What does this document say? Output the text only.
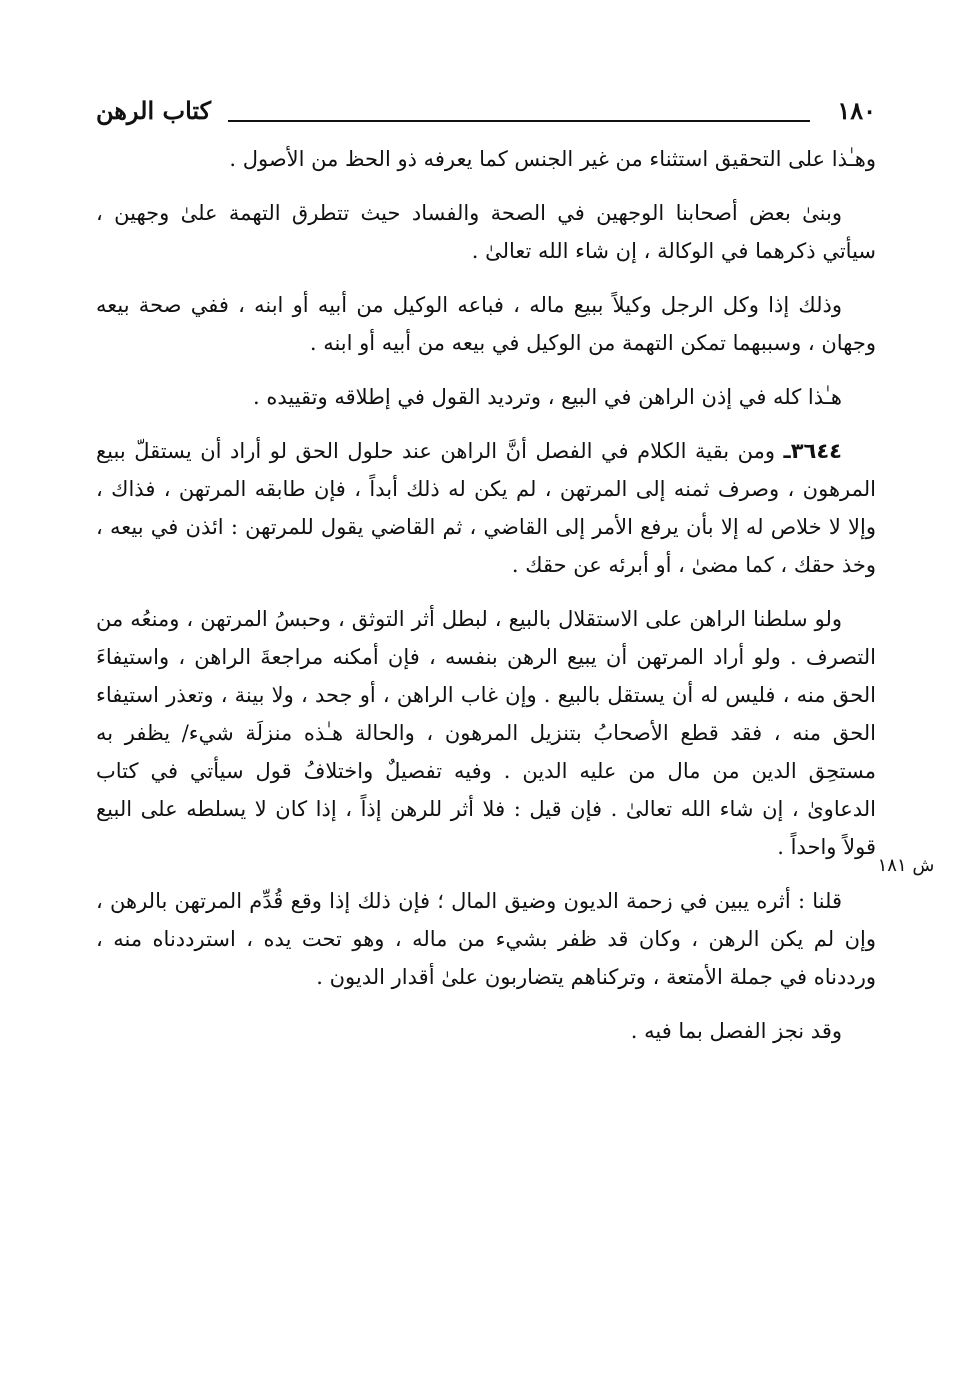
١٨٠
كتاب الرهن
ش ١٨١

وهـٰذا على التحقيق استثناء من غير الجنس كما يعرفه ذو الحظ من الأصول .

وبنىٰ بعض أصحابنا الوجهين في الصحة والفساد حيث تتطرق التهمة علىٰ وجهين ، سيأتي ذكرهما في الوكالة ، إن شاء الله تعالىٰ .

وذلك إذا وكل الرجل وكيلاً ببيع ماله ، فباعه الوكيل من أبيه أو ابنه ، ففي صحة بيعه وجهان ، وسببهما تمكن التهمة من الوكيل في بيعه من أبيه أو ابنه .

هـٰذا كله في إذن الراهن في البيع ، وترديد القول في إطلاقه وتقييده .

٣٦٤٤ـ ومن بقية الكلام في الفصل أنَّ الراهن عند حلول الحق لو أراد أن يستقلّ ببيع المرهون ، وصرف ثمنه إلى المرتهن ، لم يكن له ذلك أبداً ، فإن طابقه المرتهن ، فذاك ، وإلا لا خلاص له إلا بأن يرفع الأمر إلى القاضي ، ثم القاضي يقول للمرتهن : ائذن في بيعه ، وخذ حقك ، كما مضىٰ ، أو أبرئه عن حقك .

ولو سلطنا الراهن على الاستقلال بالبيع ، لبطل أثر التوثق ، وحبسُ المرتهن ، ومنعُه من التصرف . ولو أراد المرتهن أن يبيع الرهن بنفسه ، فإن أمكنه مراجعةَ الراهن ، واستيفاءَ الحق منه ، فليس له أن يستقل بالبيع . وإن غاب الراهن ، أو جحد ، ولا بينة ، وتعذر استيفاء الحق منه ، فقد قطع الأصحابُ بتنزيل المرهون ، والحالة هـٰذه منزلَة شيء/ يظفر به مستحِق الدين من مال من عليه الدين . وفيه تفصيلٌ واختلافُ قول سيأتي في كتاب الدعاوىٰ ، إن شاء الله تعالىٰ . فإن قيل : فلا أثر للرهن إذاً ، إذا كان لا يسلطه على البيع قولاً واحداً .

قلنا : أثره يبين في زحمة الديون وضيق المال ؛ فإن ذلك إذا وقع قُدِّم المرتهن بالرهن ، وإن لم يكن الرهن ، وكان قد ظفر بشيء من ماله ، وهو تحت يده ، استرددناه منه ، ورددناه في جملة الأمتعة ، وتركناهم يتضاربون علىٰ أقدار الديون .

وقد نجز الفصل بما فيه .
